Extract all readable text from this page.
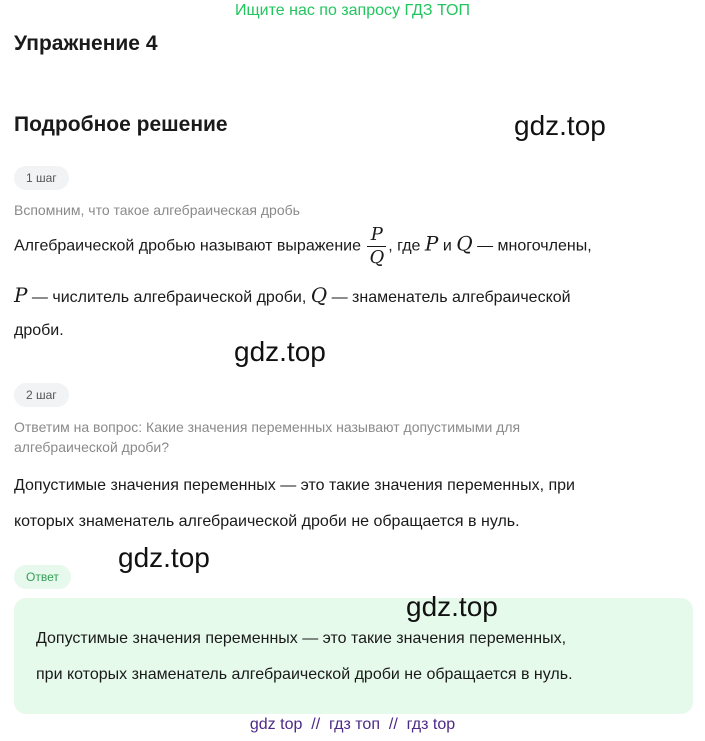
Ищите нас по запросу ГДЗ ТОП
Упражнение 4
Подробное решение	gdz.top
1 шаг
Вспомним, что такое алгебраическая дробь
Алгебраической дробью называют выражение $\frac{P}{Q}$ , где P и Q — многочлены,
P — числитель алгебраической дроби, Q — знаменатель алгебраической
дроби.
gdz.top
2 шаг
Ответим на вопрос: Какие значения переменных называют допустимыми для
алгебраической дроби?
Допустимые значения переменных — это такие значения переменных, при
которых знаменатель алгебраической дроби не обращается в нуль.
gdz.top
Ответ
gdz.top
Допустимые значения переменных — это такие значения переменных,
при которых знаменатель алгебраической дроби не обращается в нуль.
gdz top  //  гдз топ  //  гдз top
